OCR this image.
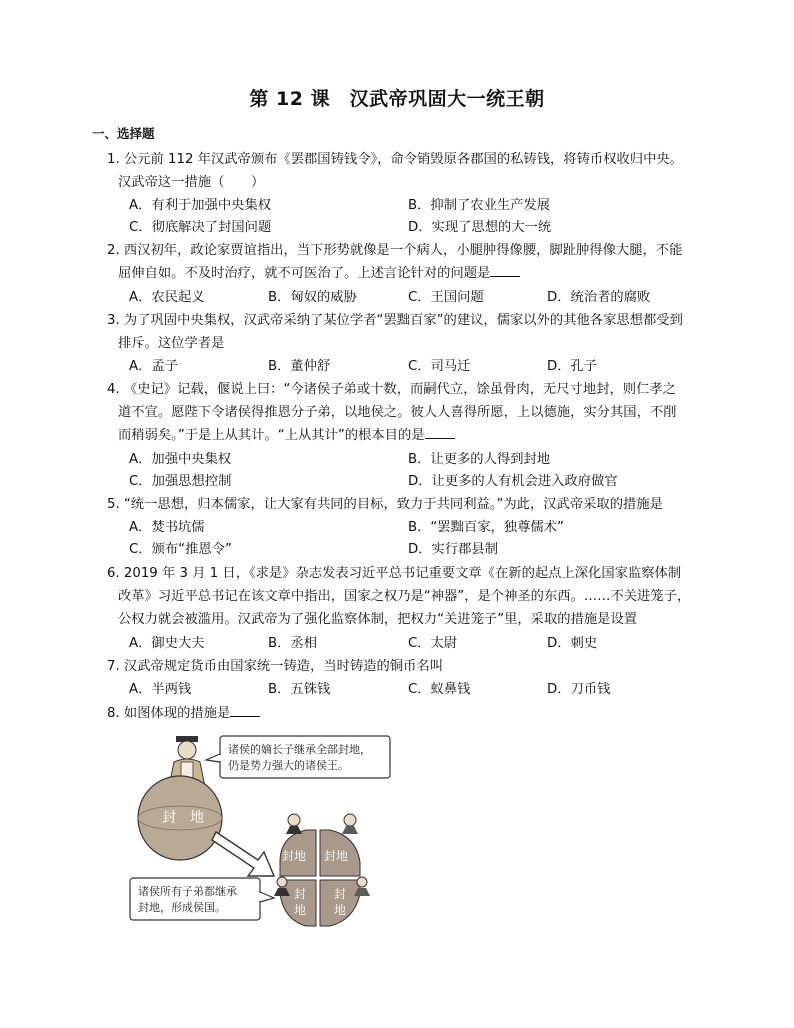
第 12 课　汉武帝巩固大一统王朝
一、选择题
1. 公元前 112 年汉武帝颁布《罢郡国铸钱令》，命令销毁原各郡国的私铸钱，将铸币权收归中央。
汉武帝这一措施（　　）
A．有利于加强中央集权	B．抑制了农业生产发展
C．彻底解决了封国问题	D．实现了思想的大一统
2. 西汉初年，政论家贾谊指出，当下形势就像是一个病人，小腿肿得像腰，脚趾肿得像大腿，不能
屈伸自如。不及时治疗，就不可医治了。上述言论针对的问题是
A．农民起义	B．匈奴的威胁	C．王国问题	D．统治者的腐败
3. 为了巩固中央集权，汉武帝采纳了某位学者“罢黜百家”的建议，儒家以外的其他各家思想都受到
排斥。这位学者是
A．孟子	B．董仲舒	C．司马迁	D．孔子
4. 《史记》记载，偃说上曰：“今诸侯子弟或十数，而嗣代立，馀虽骨肉，无尺寸地封，则仁孝之
道不宣。愿陛下令诸侯得推恩分子弟，以地侯之。彼人人喜得所愿，上以德施，实分其国，不削
而稍弱矣。”于是上从其计。“上从其计”的根本目的是
A．加强中央集权	B．让更多的人得到封地
C．加强思想控制	D．让更多的人有机会进入政府做官
5. “统一思想，归本儒家，让大家有共同的目标，致力于共同利益。”为此，汉武帝采取的措施是
A．焚书坑儒	B．“罢黜百家，独尊儒术”
C．颁布“推恩令”	D．实行郡县制
6. 2019 年 3 月 1 日，《求是》杂志发表习近平总书记重要文章《在新的起点上深化国家监察体制
改革》习近平总书记在该文章中指出，国家之权乃是“神器”，是个神圣的东西。……不关进笼子，
公权力就会被滥用。汉武帝为了强化监察体制，把权力“关进笼子”里，采取的措施是设置
A．御史大夫	B．丞相	C．太尉	D．刺史
7. 汉武帝规定货币由国家统一铸造，当时铸造的铜币名叫
A．半两钱	B．五铢钱	C．蚁鼻钱	D．刀币钱
8. 如图体现的措施是
诸侯的嫡长子继承全部封地，
仍是势力强大的诸侯王。
封　地
封地 封地
封
地
封
地
诸侯所有子弟都继承
封地，形成侯国。
